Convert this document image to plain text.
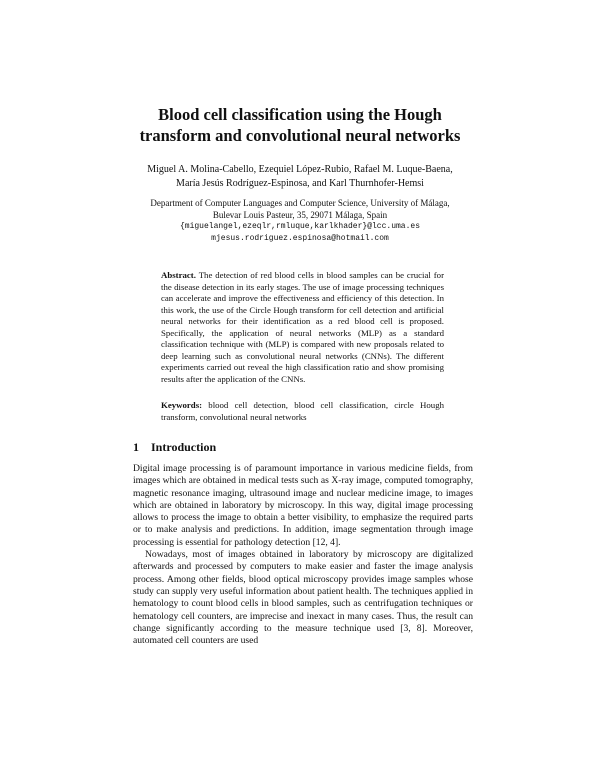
Blood cell classification using the Hough
transform and convolutional neural networks
Miguel A. Molina-Cabello, Ezequiel López-Rubio, Rafael M. Luque-Baena,
María Jesús Rodríguez-Espinosa, and Karl Thurnhofer-Hemsi
Department of Computer Languages and Computer Science, University of Málaga,
Bulevar Louis Pasteur, 35, 29071 Málaga, Spain
{miguelangel,ezeqlr,rmluque,karlkhader}@lcc.uma.es
mjesus.rodriguez.espinosa@hotmail.com
Abstract. The detection of red blood cells in blood samples can be crucial for the disease detection in its early stages. The use of image processing techniques can accelerate and improve the effectiveness and efficiency of this detection. In this work, the use of the Circle Hough transform for cell detection and artificial neural networks for their identification as a red blood cell is proposed. Specifically, the application of neural networks (MLP) as a standard classification technique with (MLP) is compared with new proposals related to deep learning such as convolutional neural networks (CNNs). The different experiments carried out reveal the high classification ratio and show promising results after the application of the CNNs.
Keywords: blood cell detection, blood cell classification, circle Hough transform, convolutional neural networks
1 Introduction

Digital image processing is of paramount importance in various medicine fields, from images which are obtained in medical tests such as X-ray image, computed tomography, magnetic resonance imaging, ultrasound image and nuclear medicine image, to images which are obtained in laboratory by microscopy. In this way, digital image processing allows to process the image to obtain a better visibility, to emphasize the required parts or to make analysis and predictions. In addition, image segmentation through image processing is essential for pathology detection [12, 4].

Nowadays, most of images obtained in laboratory by microscopy are digitalized afterwards and processed by computers to make easier and faster the image analysis process. Among other fields, blood optical microscopy provides image samples whose study can supply very useful information about patient health. The techniques applied in hematology to count blood cells in blood samples, such as centrifugation techniques or hematology cell counters, are imprecise and inexact in many cases. Thus, the result can change significantly according to the measure technique used [3, 8]. Moreover, automated cell counters are used
